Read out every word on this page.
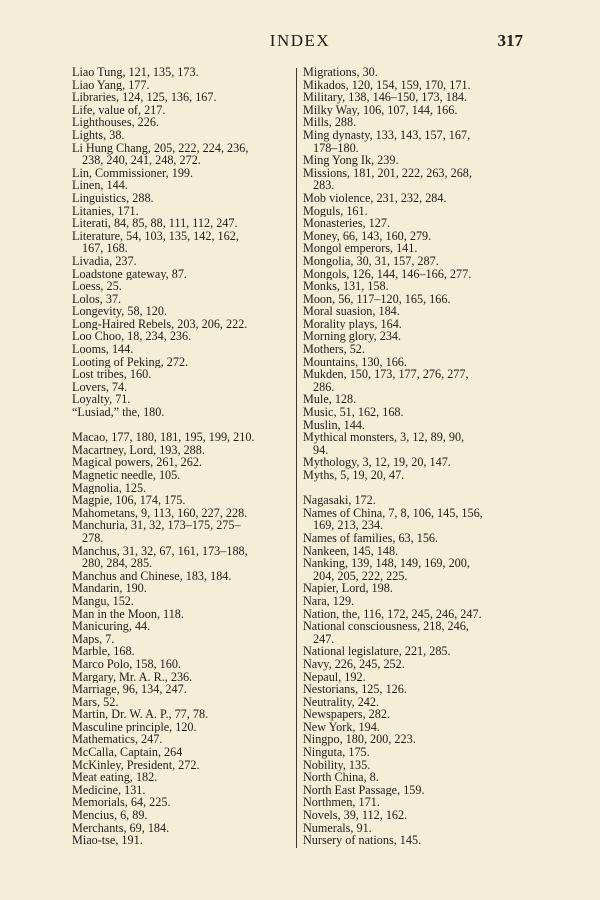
INDEX	317
Liao Tung, 121, 135, 173.
Liao Yang, 177.
Libraries, 124, 125, 136, 167.
Life, value of, 217.
Lighthouses, 226.
Lights, 38.
Li Hung Chang, 205, 222, 224, 236,
238, 240, 241, 248, 272.
Lin, Commissioner, 199.
Linen, 144.
Linguistics, 288.
Litanies, 171.
Literati, 84, 85, 88, 111, 112, 247.
Literature, 54, 103, 135, 142, 162,
167, 168.
Livadia, 237.
Loadstone gateway, 87.
Loess, 25.
Lolos, 37.
Longevity, 58, 120.
Long-Haired Rebels, 203, 206, 222.
Loo Choo, 18, 234, 236.
Looms, 144.
Looting of Peking, 272.
Lost tribes, 160.
Lovers, 74.
Loyalty, 71.
“Lusiad,” the, 180.
Macao, 177, 180, 181, 195, 199, 210.
Macartney, Lord, 193, 288.
Magical powers, 261, 262.
Magnetic needle, 105.
Magnolia, 125.
Magpie, 106, 174, 175.
Mahometans, 9, 113, 160, 227, 228.
Manchuria, 31, 32, 173–175, 275–
278.
Manchus, 31, 32, 67, 161, 173–188,
280, 284, 285.
Manchus and Chinese, 183, 184.
Mandarin, 190.
Mangu, 152.
Man in the Moon, 118.
Manicuring, 44.
Maps, 7.
Marble, 168.
Marco Polo, 158, 160.
Margary, Mr. A. R., 236.
Marriage, 96, 134, 247.
Mars, 52.
Martin, Dr. W. A. P., 77, 78.
Masculine principle, 120.
Mathematics, 247.
McCalla, Captain, 264
McKinley, President, 272.
Meat eating, 182.
Medicine, 131.
Memorials, 64, 225.
Mencius, 6, 89.
Merchants, 69, 184.
Miao-tse, 191.
Migrations, 30.
Mikados, 120, 154, 159, 170, 171.
Military, 138, 146–150, 173, 184.
Milky Way, 106, 107, 144, 166.
Mills, 288.
Ming dynasty, 133, 143, 157, 167,
178–180.
Ming Yong Ik, 239.
Missions, 181, 201, 222, 263, 268,
283.
Mob violence, 231, 232, 284.
Moguls, 161.
Monasteries, 127.
Money, 66, 143, 160, 279.
Mongol emperors, 141.
Mongolia, 30, 31, 157, 287.
Mongols, 126, 144, 146–166, 277.
Monks, 131, 158.
Moon, 56, 117–120, 165, 166.
Moral suasion, 184.
Morality plays, 164.
Morning glory, 234.
Mothers, 52.
Mountains, 130, 166.
Mukden, 150, 173, 177, 276, 277,
286.
Mule, 128.
Music, 51, 162, 168.
Muslin, 144.
Mythical monsters, 3, 12, 89, 90,
94.
Mythology, 3, 12, 19, 20, 147.
Myths, 5, 19, 20, 47.
Nagasaki, 172.
Names of China, 7, 8, 106, 145, 156,
169, 213, 234.
Names of families, 63, 156.
Nankeen, 145, 148.
Nanking, 139, 148, 149, 169, 200,
204, 205, 222, 225.
Napier, Lord, 198.
Nara, 129.
Nation, the, 116, 172, 245, 246, 247.
National consciousness, 218, 246,
247.
National legislature, 221, 285.
Navy, 226, 245, 252.
Nepaul, 192.
Nestorians, 125, 126.
Neutrality, 242.
Newspapers, 282.
New York, 194.
Ningpo, 180, 200, 223.
Ninguta, 175.
Nobility, 135.
North China, 8.
North East Passage, 159.
Northmen, 171.
Novels, 39, 112, 162.
Numerals, 91.
Nursery of nations, 145.
